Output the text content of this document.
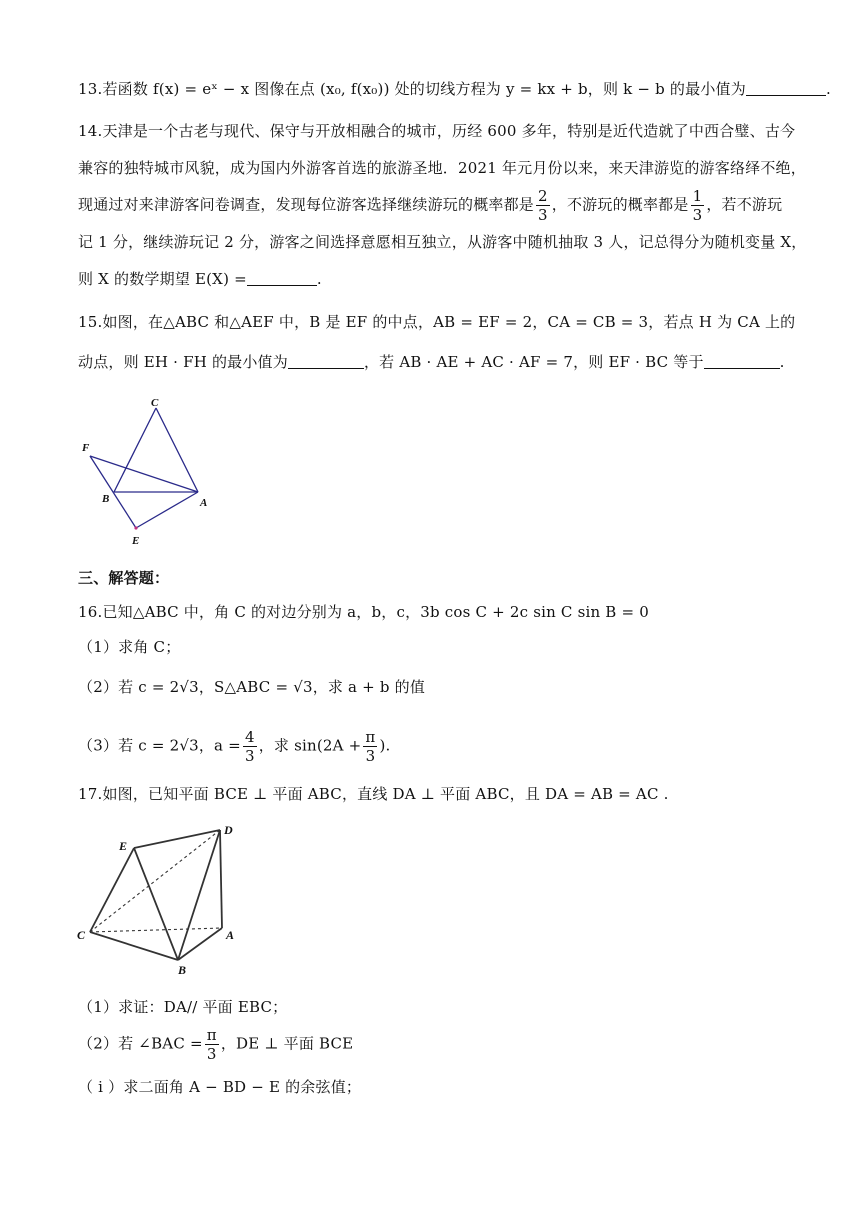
13.若函数 f(x) = eˣ − x 图像在点 (x₀, f(x₀)) 处的切线方程为 y = kx + b，则 k − b 的最小值为	.
14.天津是一个古老与现代、保守与开放相融合的城市，历经 600 多年，特别是近代造就了中西合璧、古今
兼容的独特城市风貌，成为国内外游客首选的旅游圣地．2021 年元月份以来，来天津游览的游客络绎不绝，
现通过对来津游客问卷调查，发现每位游客选择继续游玩的概率都是 $\frac{2}{3}$ ，不游玩的概率都是 $\frac{1}{3}$ ，若不游玩
记 1 分，继续游玩记 2 分，游客之间选择意愿相互独立，从游客中随机抽取 3 人，记总得分为随机变量 X，
则 X 的数学期望 E(X) =	.
15.如图，在△ABC 和△AEF 中，B 是 EF 的中点，AB = EF = 2，CA = CB = 3，若点 H 为 CA 上的
动点，则 EH · FH 的最小值为	，若 AB · AE + AC · AF = 7，则 EF · BC 等于	.
C
F
B	A
E
三、解答题：
16.已知△ABC 中，角 C 的对边分别为 a，b，c，3b cos C + 2c sin C sin B = 0
（1）求角 C；
（2）若 c = 2√3，S△ABC = √3，求 a + b 的值
（3）若 c = 2√3，$a = \frac{4}{3}$ ，求 $\sin(2A + \frac{\pi}{3}$ ).
17.如图，已知平面 BCE ⊥ 平面 ABC，直线 DA ⊥ 平面 ABC，且 DA = AB = AC .
E
D
C	A
B
（1）求证：DA// 平面 EBC；
（2）若 ∠BAC = $\frac{\pi}{3}$ ，DE ⊥ 平面 BCE
（ i ）求二面角 A − BD − E 的余弦值；
